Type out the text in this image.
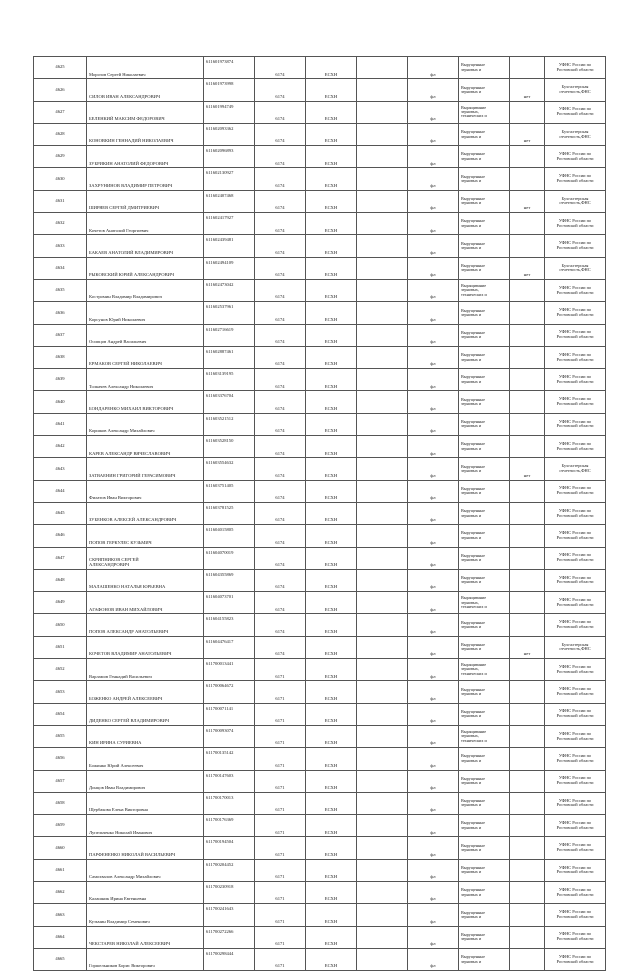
4625	Морозов Сергей Николаевич	611601973874	6174	ЕСХН		фл	Вырущенные
зерновых и		УФНС России по
Ростовской области
4626	СИЛОВ ИВАН АЛЕКСАНДРОВИЧ	611601973998	6174	ЕСХН		фл	Вырущенные
зерновых и	нет	Бухгалтерская
отчетность,ФНС
4627	БЕЛЕНКИЙ МАКСИМ ФЕДОРОВИЧ	611601994749	6174	ЕСХН		фл	Выращивание
зерновых,
технических и		УФНС России по
Ростовской области
4628	КОНОВКИН ГЕННАДИЙ НИКОЛАЕВИЧ	611602093362	6174	ЕСХН		фл	Вырущенные
зерновых и	нет	Бухгалтерская
отчетность,ФНС
4629	ЗУБРИКИН АНАТОЛИЙ ФЕДОРОВИЧ	611602096893	6174	ЕСХН		фл	Вырущенные
зерновых и		УФНС России по
Ростовской области
4630	ЗАХРУНИНОВ ВЛАДИМИР ПЕТРОВИЧ	611602130927	6174	ЕСХН		фл	Вырущенные
зерновых и		УФНС России по
Ростовской области
4631	ШИРЯЕВ СЕРГЕЙ ДМИТРИЕВИЧ	611602407468	6174	ЕСХН		фл	Вырущенные
зерновых и	нет	Бухгалтерская
отчетность,ФНС
4632	Кочетов Анатолий Георгиевич	611602417927	6174	ЕСХН		фл	Вырущенные
зерновых и		УФНС России по
Ростовской области
4633	БАКАЕВ АНАТОЛИЙ ВЛАДИМИРОВИЧ	611602439481	6174	ЕСХН		фл	Вырущенные
зерновых и		УФНС России по
Ростовской области
4634	РЫКОВСКИЙ ЮРИЙ АЛЕКСАНДРОВИЧ	611602494109	6174	ЕСХН		фл	Вырущенные
зерновых и	нет	Бухгалтерская
отчетность,ФНС
4635	Костромин Владимир Владимирович	611602473042	6174	ЕСХН		фл	Выращивание
зерновых,
технических и		УФНС России по
Ростовской области
4636	Корсунов Юрий Николаевич	611602537961	6174	ЕСХН		фл	Вырущенные
зерновых и		УФНС России по
Ростовской области
4637	Осипцов Андрей Васильевич	611602716619	6174	ЕСХН		фл	Вырущенные
зерновых и		УФНС России по
Ростовской области
4638	ЕРМАКОВ СЕРГЕЙ НИКОЛАЕВИЧ	611602887461	6174	ЕСХН		фл	Вырущенные
зерновых и		УФНС России по
Ростовской области
4639	Толкачев Александр Николаевич	611603139195	6174	ЕСХН		фл	Вырущенные
зерновых и		УФНС России по
Ростовской области
4640	БОНДАРЕНКО МИХАИЛ ВИКТОРОВИЧ	611603376704	6174	ЕСХН		фл	Вырущенные
зерновых и		УФНС России по
Ростовской области
4641	Коршков Александр Михайлович	611603521512	6174	ЕСХН		фл	Вырущенные
зерновых и		УФНС России по
Ростовской области
4642	КАРЕВ АЛЕКСАНДР ВЯЧЕСЛАВОВИЧ	611603528150	6174	ЕСХН		фл	Вырущенные
зерновых и		УФНС России по
Ростовской области
4643	ЗАТВАЕНИН ГРИГОРИЙ ГЕРАСИМОВИЧ	611603554632	6174	ЕСХН		фл	Вырущенные
зерновых и	нет	Бухгалтерская
отчетность,ФНС
4644	Филатов Иван Викторович	611603751405	6174	ЕСХН		фл	Вырущенные
зерновых и		УФНС России по
Ростовской области
4645	ЗУБЕНКОВ АЛЕКСЕЙ АЛЕКСАНДРОВИЧ	611603781525	6174	ЕСХН		фл	Вырущенные
зерновых и		УФНС России по
Ростовской области
4646	ПОПОВ ГЕРКУЛЕС КУЗЬМИЧ	611604015805	6174	ЕСХН		фл	Вырущенные
зерновых и		УФНС России по
Ростовской области
4647	СКРИПНИКОВ СЕРГЕЙ
АЛЕКСАНДРОВИЧ	611604070019	6174	ЕСХН		фл	Вырущенные
зерновых и		УФНС России по
Ростовской области
4648	МАЛАШЕНКО НАТАЛЬЯ ЮРЬЕВНА	611604355869	6174	ЕСХН		фл	Вырущенные
зерновых и		УФНС России по
Ростовской области
4649	АГАФОНОВ ИВАН МИХАЙЛОВИЧ	611604073701	6174	ЕСХН		фл	Выращивание
зерновых,
технических и		УФНС России по
Ростовской области
4650	ПОПОВ АЛЕКСАНДР АНАТОЛЬЕВИЧ	611604155823	6174	ЕСХН		фл	Вырущенные
зерновых и		УФНС России по
Ростовской области
4651	КОЧЕТОВ ВЛАДИМИР АНАТОЛЬЕВИЧ	611604476417	6174	ЕСХН		фл	Вырущенные
зерновых и	нет	Бухгалтерская
отчетность,ФНС
4652	Варламов Геннадий Васильевич	611700013441	6171	ЕСХН		фл	Выращивание
зерновых,
технических и		УФНС России по
Ростовской области
4653	БОЖЕНКО АНДРЕЙ АЛЕКСЕЕВИЧ	611700064672	6171	ЕСХН		фл	Вырущенные
зерновых и		УФНС России по
Ростовской области
4654	ДИДЕНКО СЕРГЕЙ ВЛАДИМИРОВИЧ	611700071141	6171	ЕСХН		фл	Вырущенные
зерновых и		УФНС России по
Ростовской области
4655	КИН ИРИНА СУРИЕВНА	611700093074	6171	ЕСХН		фл	Выращивание
зерновых,
технических и		УФНС России по
Ростовской области
4656	Божинко Юрий Алексеевич	611700135142	6171	ЕСХН		фл	Вырущенные
зерновых и		УФНС России по
Ростовской области
4657	Донцов Иван Владимирович	611700147603	6171	ЕСХН		фл	Вырущенные
зерновых и		УФНС России по
Ростовской области
4658	Щербакова Елена Викторовна	611700170013	6171	ЕСХН		фл	Вырущенные
зерновых и		УФНС России по
Ростовской области
4659	Лупельченко Николай Иванович	611700176369	6171	ЕСХН		фл	Вырущенные
зерновых и		УФНС России по
Ростовской области
4660	ПАРФЕНЕНКО НИКОЛАЙ ВАСИЛЬЕВИЧ	611700194504	6171	ЕСХН		фл	Вырущенные
зерновых и		УФНС России по
Ростовской области
4661	Самохвалов Александр Михайлович	611700204452	6171	ЕСХН		фл	Вырущенные
зерновых и		УФНС России по
Ростовской области
4662	Калашник Ирина Евгеньевна	611700230918	6171	ЕСХН		фл	Вырущенные
зерновых и		УФНС России по
Ростовской области
4663	Кузьмин Владимир Семенович	611700241643	6171	ЕСХН		фл	Вырущенные
зерновых и		УФНС России по
Ростовской области
4664	ЧЕКСТАРЕВ НИКОЛАЙ АЛЕКСЕЕВИЧ	611700272266	6171	ЕСХН		фл	Вырущенные
зерновых и		УФНС России по
Ростовской области
4665	Горшельников Борис Викторович	611700298444	6171	ЕСХН		фл	Вырущенные
зерновых и		УФНС России по
Ростовской области
